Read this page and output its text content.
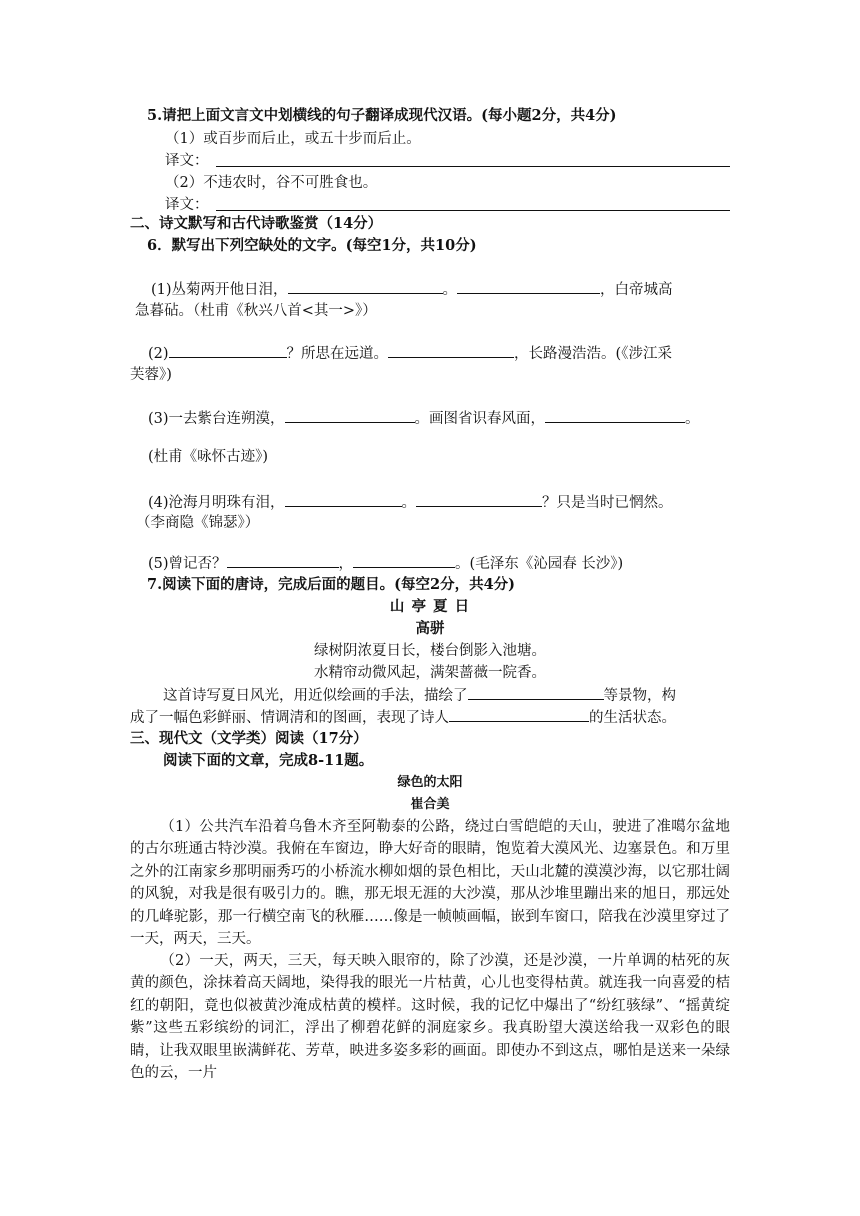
5.请把上面文言文中划横线的句子翻译成现代汉语。(每小题2分，共4分)
（1）或百步而后止，或五十步而后止。
译文：
（2）不违农时，谷不可胜食也。
译文：
二、诗文默写和古代诗歌鉴赏（14分）
6．默写出下列空缺处的文字。(每空1分，共10分)
(1)丛菊两开他日泪，	。	，白帝城高
急暮砧。（杜甫《秋兴八首<其一>》）
(2)	？所思在远道。	，长路漫浩浩。(《涉江采
芙蓉》)
(3)一去紫台连朔漠，	。画图省识春风面，	。
(杜甫《咏怀古迹》)
(4)沧海月明珠有泪，	。	？只是当时已惘然。
（李商隐《锦瑟》）
(5)曾记否？	，	。(毛泽东《沁园春 长沙》)
7.阅读下面的唐诗，完成后面的题目。(每空2分，共4分)
山 亭 夏 日
高骈
绿树阴浓夏日长，楼台倒影入池塘。
水精帘动微风起，满架蔷薇一院香。
这首诗写夏日风光，用近似绘画的手法，描绘了	等景物，构
成了一幅色彩鲜丽、情调清和的图画，表现了诗人	的生活状态。
三、现代文（文学类）阅读（17分）
阅读下面的文章，完成8-11题。
绿色的太阳
崔合美
（1）公共汽车沿着乌鲁木齐至阿勒泰的公路，绕过白雪皑皑的天山，驶进了准噶尔盆地的古尔班通古特沙漠。我俯在车窗边，睁大好奇的眼睛，饱览着大漠风光、边塞景色。和万里之外的江南家乡那明丽秀巧的小桥流水柳如烟的景色相比，天山北麓的漠漠沙海，以它那壮阔的风貌，对我是很有吸引力的。瞧，那无垠无涯的大沙漠，那从沙堆里蹦出来的旭日，那远处的几峰驼影，那一行横空南飞的秋雁……像是一帧帧画幅，嵌到车窗口，陪我在沙漠里穿过了一天，两天，三天。
（2）一天，两天，三天，每天映入眼帘的，除了沙漠，还是沙漠，一片单调的枯死的灰黄的颜色，涂抹着高天阔地，染得我的眼光一片枯黄，心儿也变得枯黄。就连我一向喜爱的桔红的朝阳，竟也似被黄沙淹成枯黄的模样。这时候，我的记忆中爆出了“纷红骇绿”、“摇黄绽紫”这些五彩缤纷的词汇，浮出了柳碧花鲜的洞庭家乡。我真盼望大漠送给我一双彩色的眼睛，让我双眼里嵌满鲜花、芳草，映进多姿多彩的画面。即使办不到这点，哪怕是送来一朵绿色的云，一片
